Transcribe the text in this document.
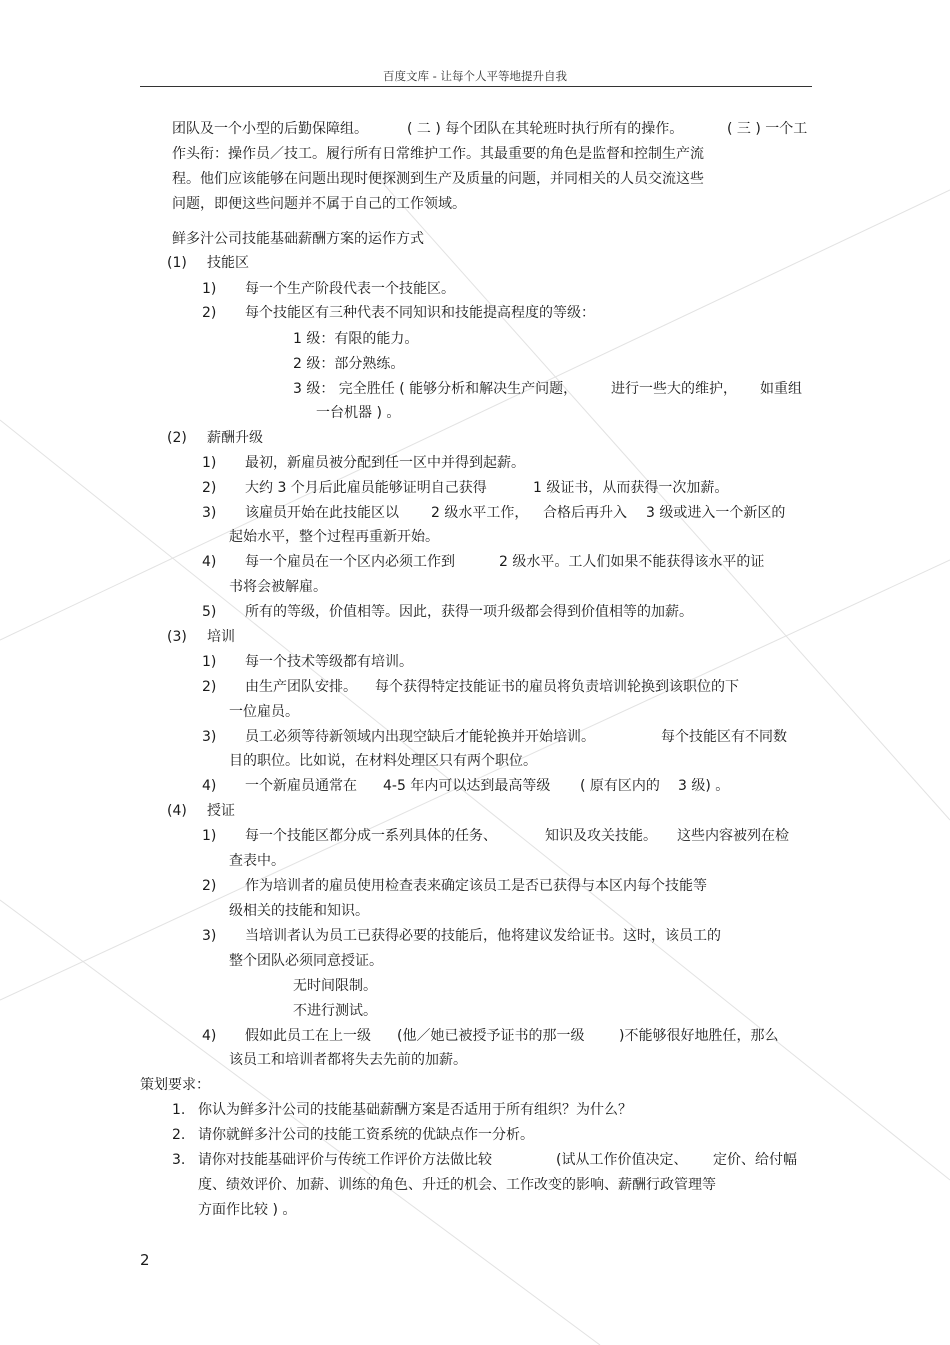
百度文库 - 让每个人平等地提升自我
团队及一个小型的后勤保障组。	( 二 ) 每个团队在其轮班时执行所有的操作。	( 三 ) 一个工
作头衔：操作员／技工。履行所有日常维护工作。其最重要的角色是监督和控制生产流
程。他们应该能够在问题出现时便探测到生产及质量的问题，并同相关的人员交流这些
问题，即便这些问题并不属于自己的工作领域。
鲜多汁公司技能基础薪酬方案的运作方式
(1) 技能区
1) 每一个生产阶段代表一个技能区。
2) 每个技能区有三种代表不同知识和技能提高程度的等级：
1 级：有限的能力。
2 级：部分熟练。
3 级： 完全胜任 ( 能够分析和解决生产问题， 进行一些大的维护， 如重组
一台机器 ) 。
(2) 薪酬升级
1) 最初，新雇员被分配到任一区中并得到起薪。
2) 大约 3 个月后此雇员能够证明自己获得	1 级证书，从而获得一次加薪。
3) 该雇员开始在此技能区以 2 级水平工作， 合格后再升入 3 级或进入一个新区的
起始水平，整个过程再重新开始。
4) 每一个雇员在一个区内必须工作到	2 级水平。工人们如果不能获得该水平的证
书将会被解雇。
5) 所有的等级，价值相等。因此，获得一项升级都会得到价值相等的加薪。
(3) 培训
1) 每一个技术等级都有培训。
2) 由生产团队安排。 每个获得特定技能证书的雇员将负责培训轮换到该职位的下
一位雇员。
3) 员工必须等待新领域内出现空缺后才能轮换并开始培训。	每个技能区有不同数
目的职位。比如说，在材料处理区只有两个职位。
4) 一个新雇员通常在 4-5 年内可以达到最高等级 ( 原有区内的 3 级) 。
(4) 授证
1) 每一个技能区都分成一系列具体的任务、	知识及攻关技能。 这些内容被列在检
查表中。
2) 作为培训者的雇员使用检查表来确定该员工是否已获得与本区内每个技能等
级相关的技能和知识。
3) 当培训者认为员工已获得必要的技能后，他将建议发给证书。这时，该员工的
整个团队必须同意授证。
无时间限制。
不进行测试。
4) 假如此员工在上一级 (他／她已被授予证书的那一级 )不能够很好地胜任，那么
该员工和培训者都将失去先前的加薪。
策划要求：
1. 你认为鲜多汁公司的技能基础薪酬方案是否适用于所有组织？为什么？
2. 请你就鲜多汁公司的技能工资系统的优缺点作一分析。
3. 请你对技能基础评价与传统工作评价方法做比较	(试从工作价值决定、 定价、给付幅
度、绩效评价、加薪、训练的角色、升迁的机会、工作改变的影响、薪酬行政管理等
方面作比较 ) 。
2
